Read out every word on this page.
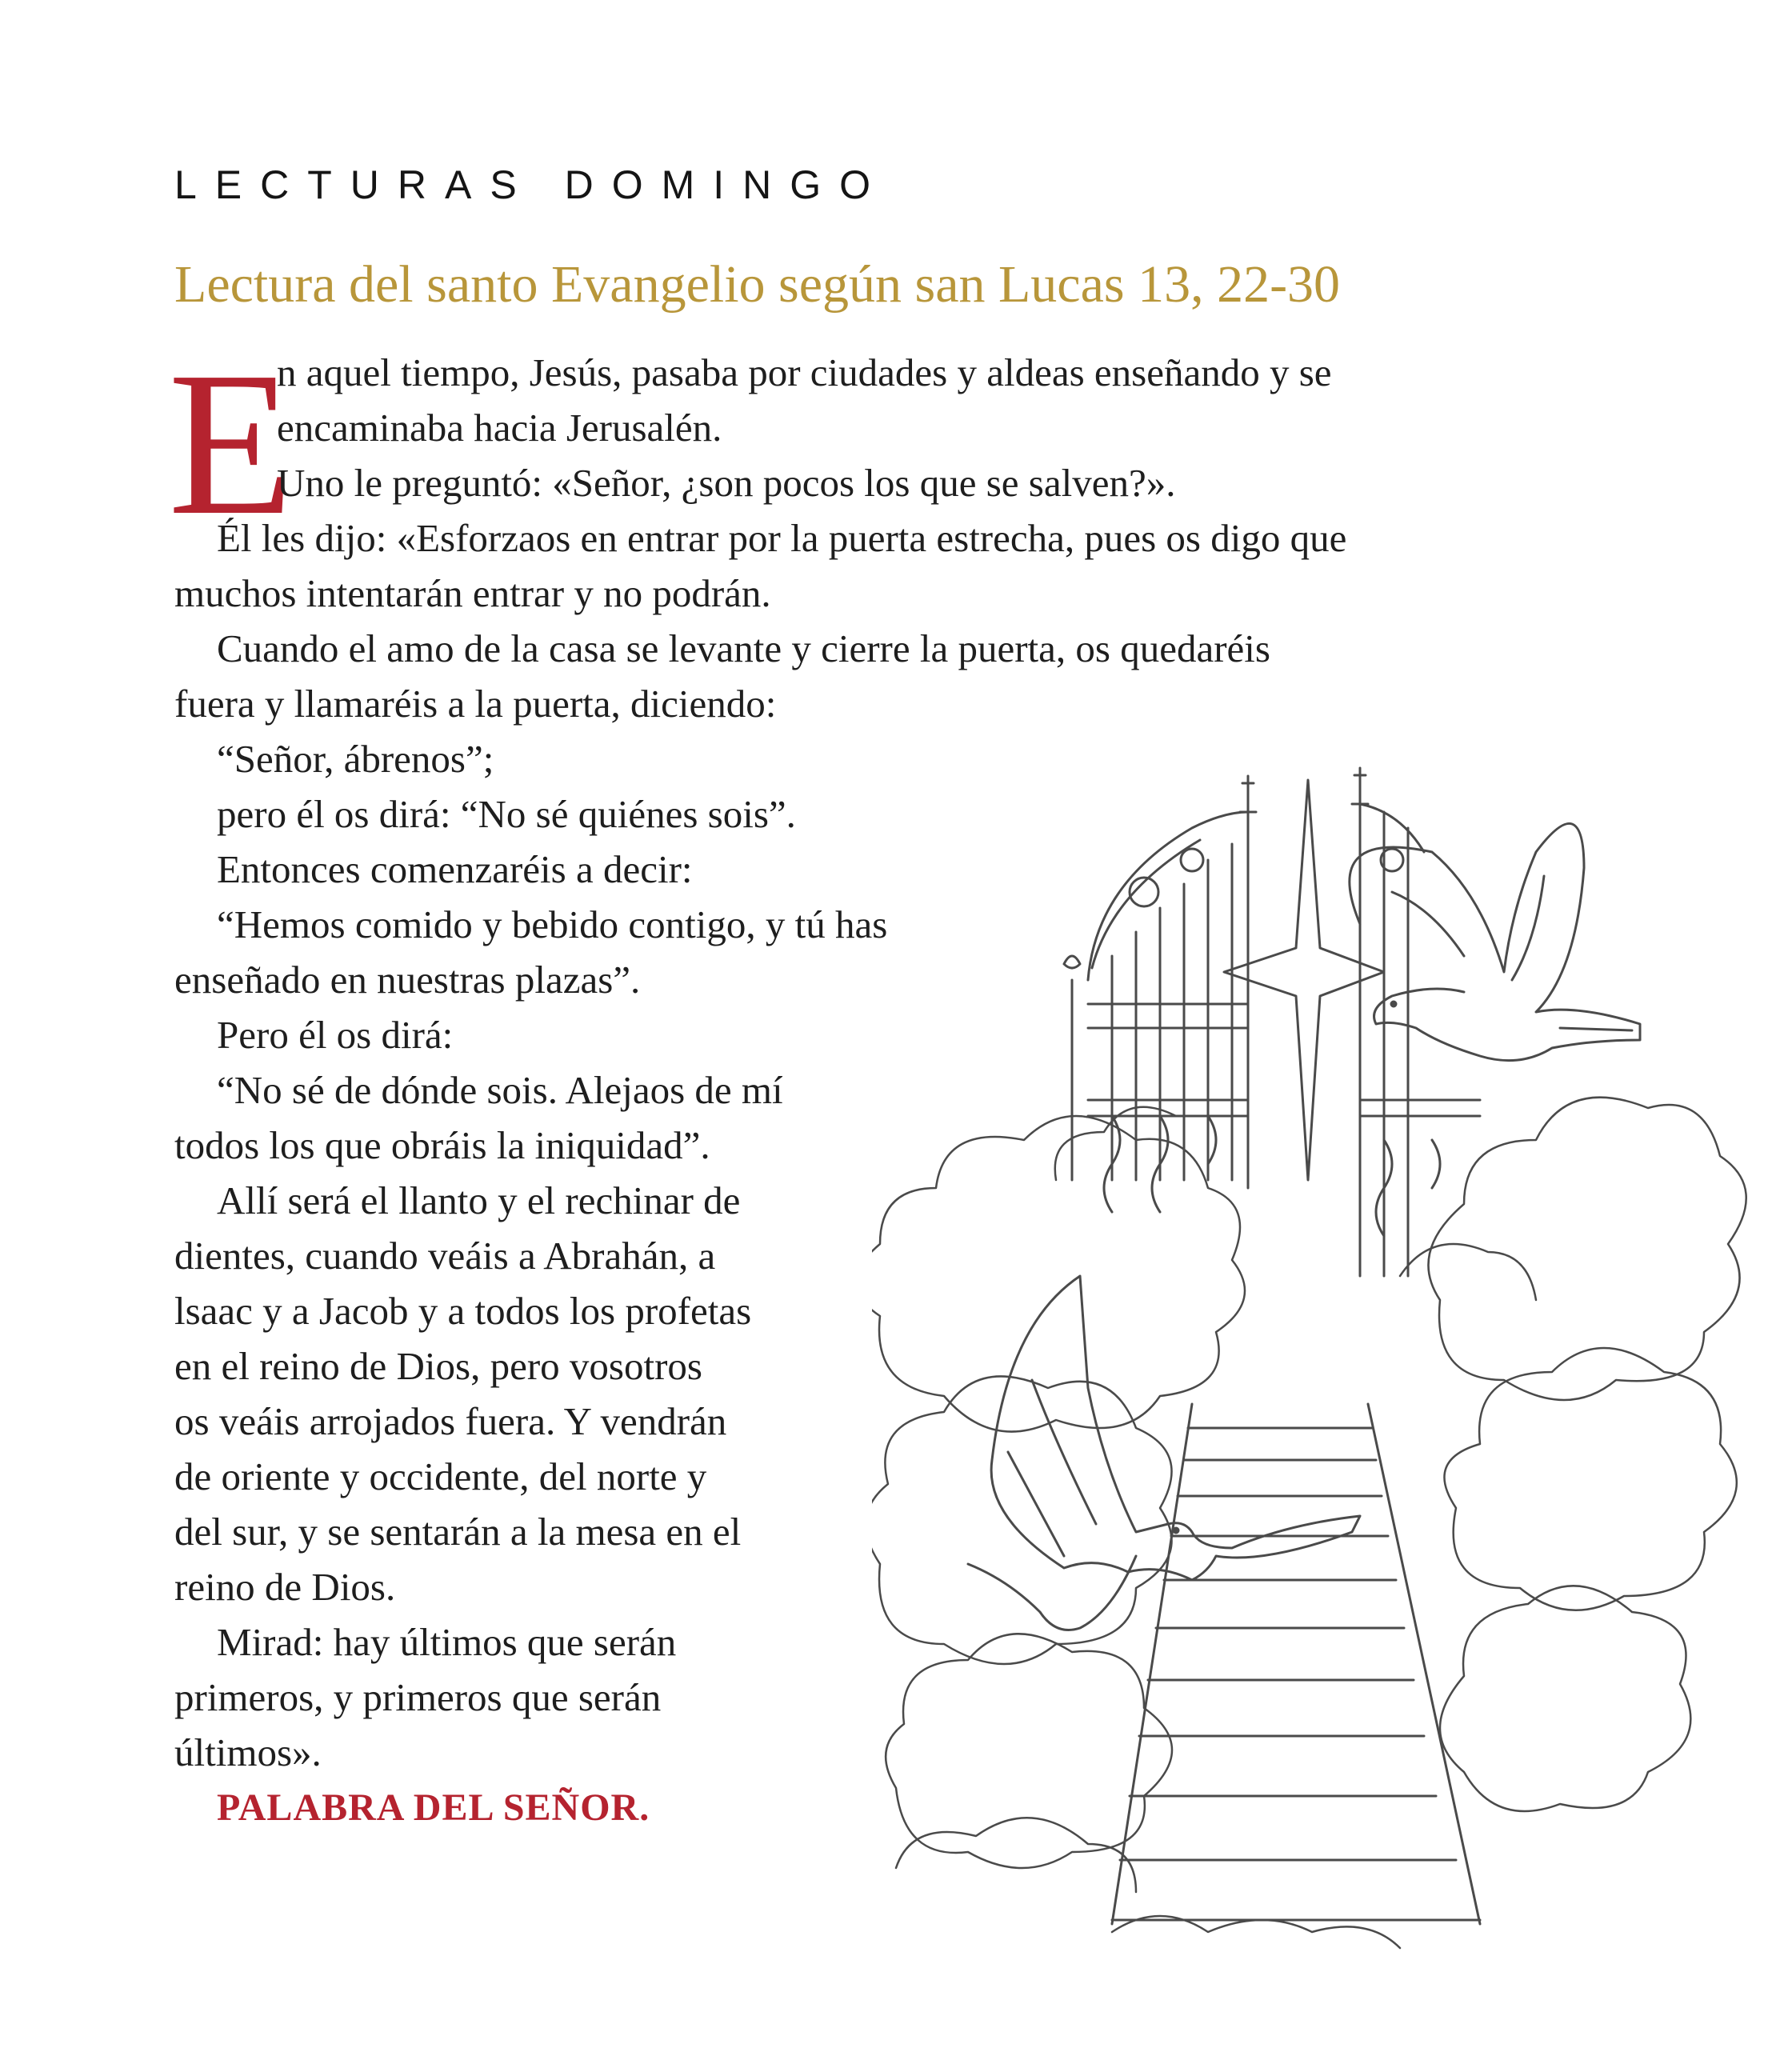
LECTURAS DOMINGO
Lectura del santo Evangelio según san Lucas 13, 22-30
E
n aquel tiempo, Jesús, pasaba por ciudades y aldeas enseñando y se
encaminaba hacia Jerusalén.
Uno le preguntó: «Señor, ¿son pocos los que se salven?».
Él les dijo: «Esforzaos en entrar por la puerta estrecha, pues os digo que
muchos intentarán entrar y no podrán.
Cuando el amo de la casa se levante y cierre la puerta, os quedaréis
fuera y llamaréis a la puerta, diciendo:
“Señor, ábrenos”;
pero él os dirá: “No sé quiénes sois”.
Entonces comenzaréis a decir:
“Hemos comido y bebido contigo, y tú has
enseñado en nuestras plazas”.
Pero él os dirá:
“No sé de dónde sois. Alejaos de mí
todos los que obráis la iniquidad”.
Allí será el llanto y el rechinar de
dientes, cuando veáis a Abrahán, a
lsaac y a Jacob y a todos los profetas
en el reino de Dios, pero vosotros
os veáis arrojados fuera. Y vendrán
de oriente y occidente, del norte y
del sur, y se sentarán a la mesa en el
reino de Dios.
Mirad: hay últimos que serán
primeros, y primeros que serán
últimos».
PALABRA DEL SEÑOR.
